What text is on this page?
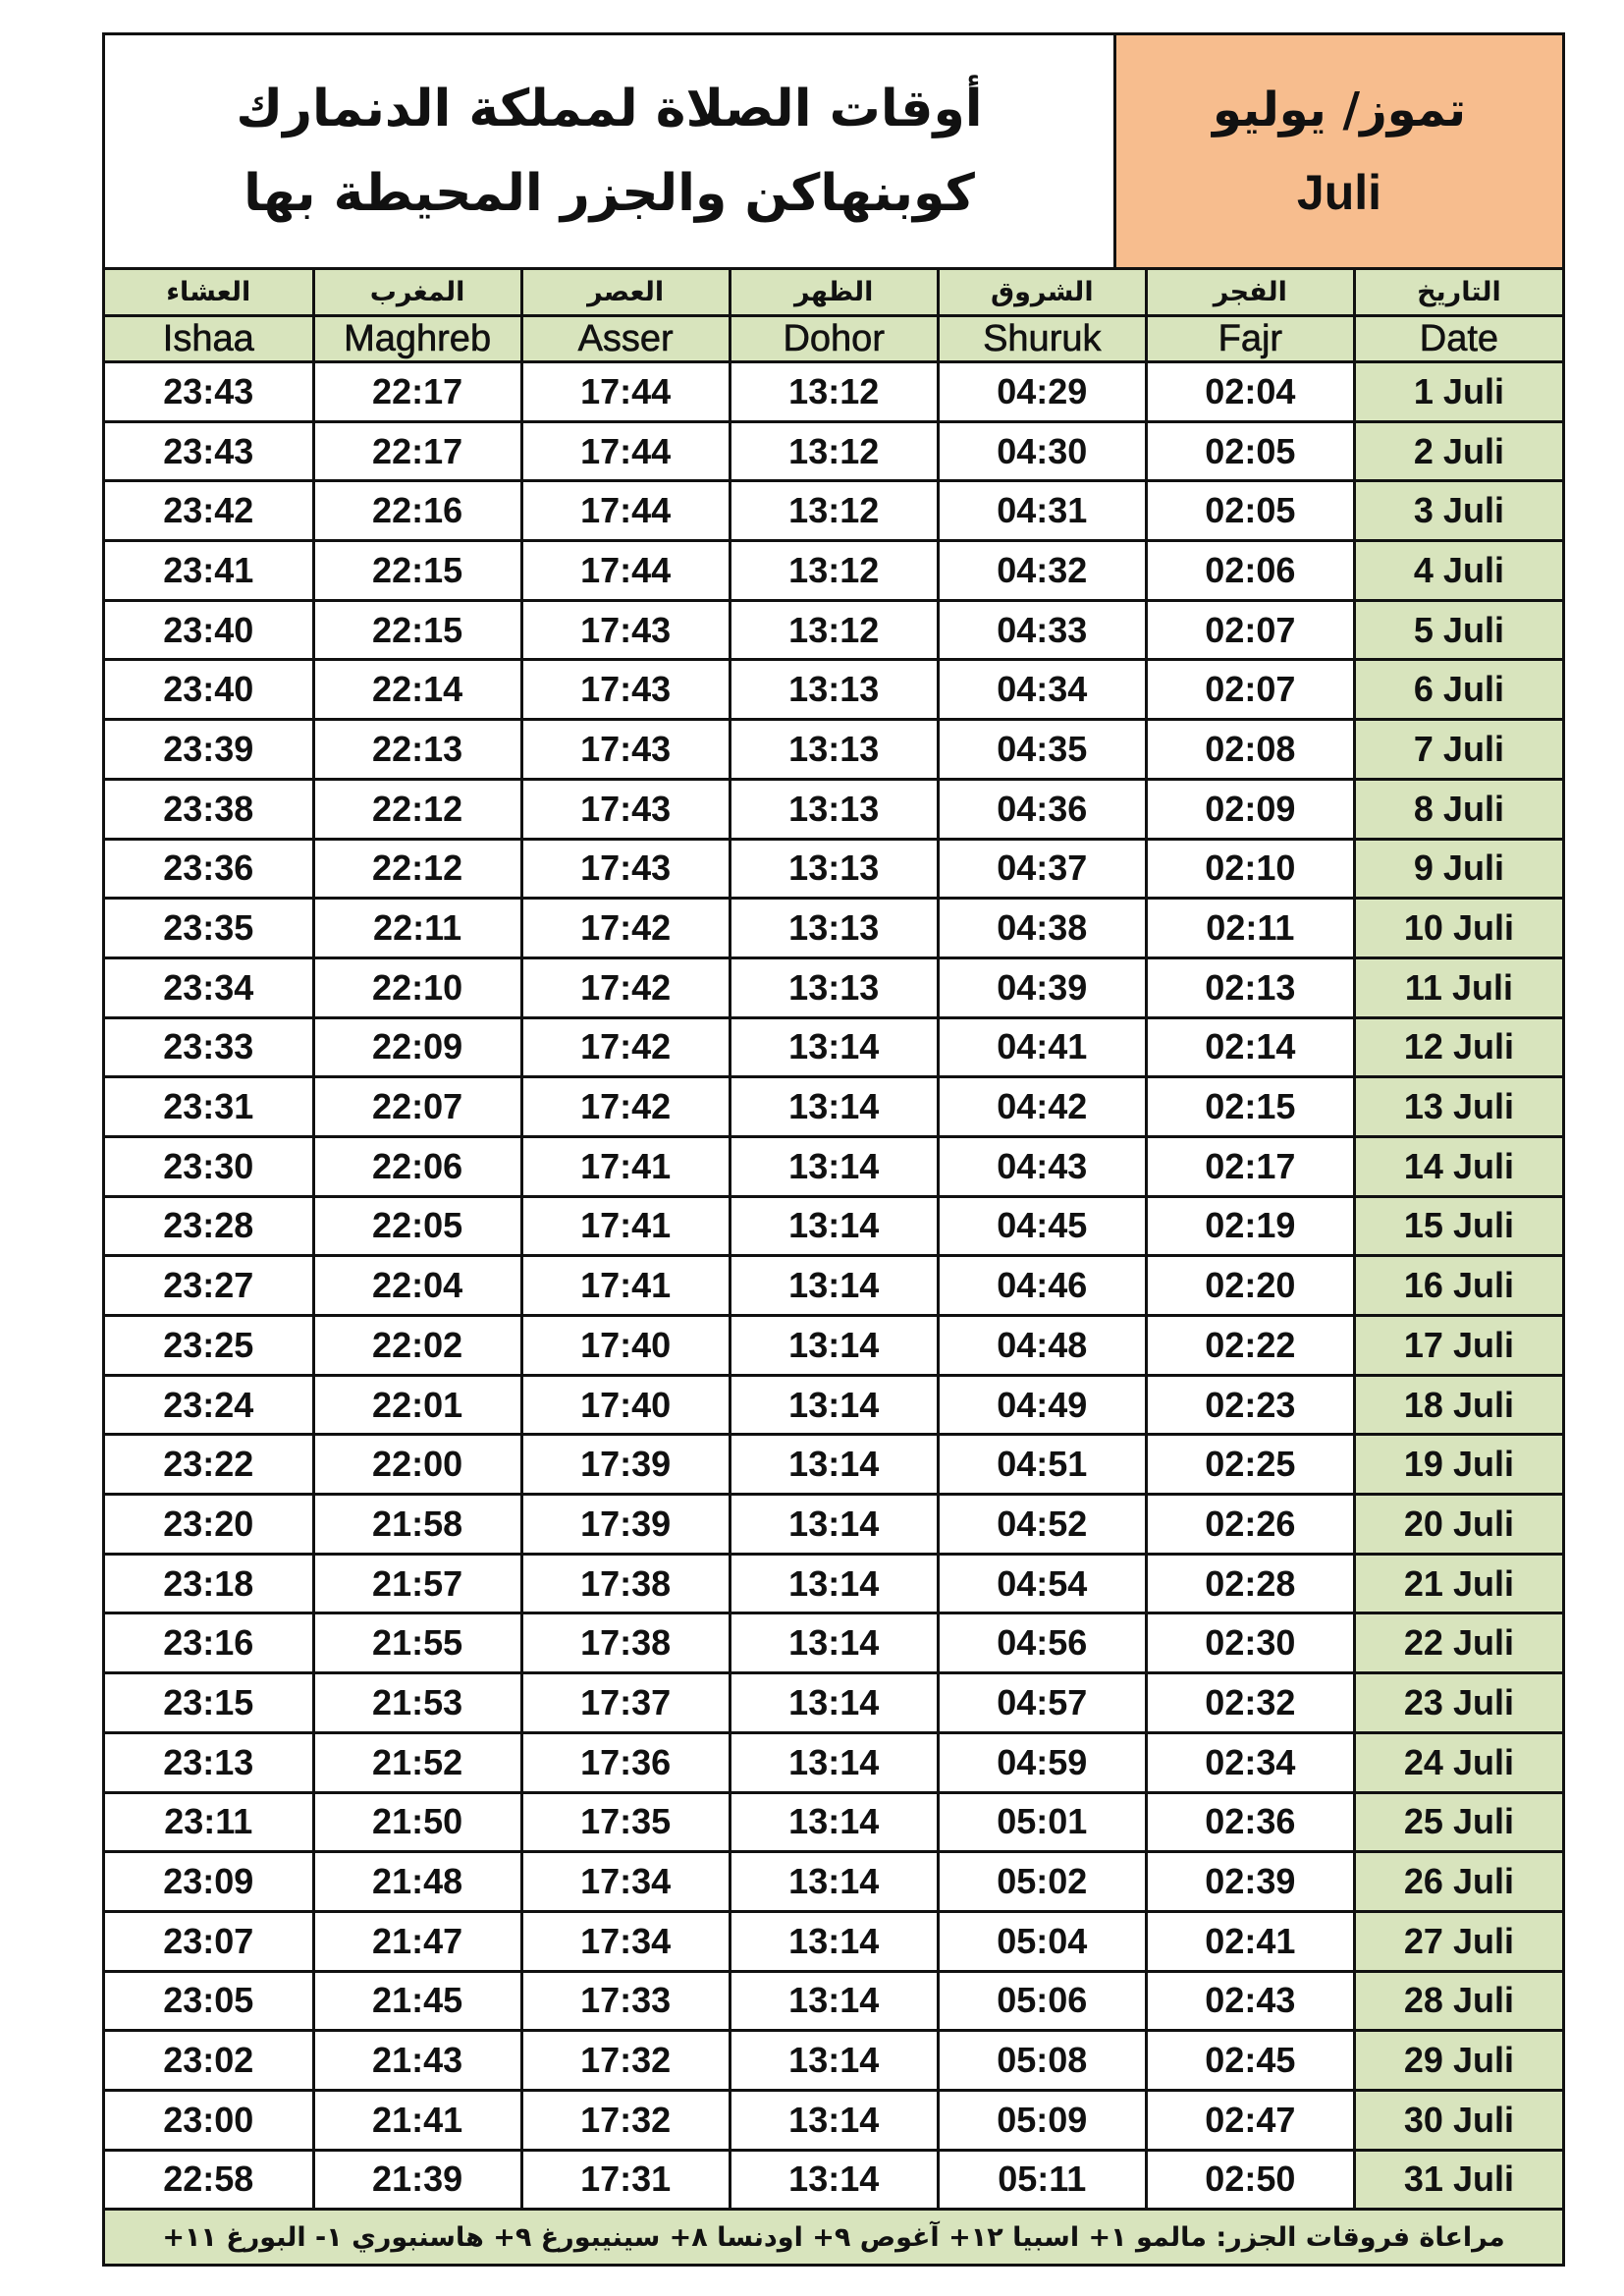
أوقات الصلاة لمملكة الدنمارك
كوبنهاكن والجزر المحيطة بها
تموز/ يوليو
Juli
العشاء	المغرب	العصر	الظهر	الشروق	الفجر	التاريخ
Ishaa	Maghreb	Asser	Dohor	Shuruk	Fajr	Date
23:43	22:17	17:44	13:12	04:29	02:04	1 Juli
23:43	22:17	17:44	13:12	04:30	02:05	2 Juli
23:42	22:16	17:44	13:12	04:31	02:05	3 Juli
23:41	22:15	17:44	13:12	04:32	02:06	4 Juli
23:40	22:15	17:43	13:12	04:33	02:07	5 Juli
23:40	22:14	17:43	13:13	04:34	02:07	6 Juli
23:39	22:13	17:43	13:13	04:35	02:08	7 Juli
23:38	22:12	17:43	13:13	04:36	02:09	8 Juli
23:36	22:12	17:43	13:13	04:37	02:10	9 Juli
23:35	22:11	17:42	13:13	04:38	02:11	10 Juli
23:34	22:10	17:42	13:13	04:39	02:13	11 Juli
23:33	22:09	17:42	13:14	04:41	02:14	12 Juli
23:31	22:07	17:42	13:14	04:42	02:15	13 Juli
23:30	22:06	17:41	13:14	04:43	02:17	14 Juli
23:28	22:05	17:41	13:14	04:45	02:19	15 Juli
23:27	22:04	17:41	13:14	04:46	02:20	16 Juli
23:25	22:02	17:40	13:14	04:48	02:22	17 Juli
23:24	22:01	17:40	13:14	04:49	02:23	18 Juli
23:22	22:00	17:39	13:14	04:51	02:25	19 Juli
23:20	21:58	17:39	13:14	04:52	02:26	20 Juli
23:18	21:57	17:38	13:14	04:54	02:28	21 Juli
23:16	21:55	17:38	13:14	04:56	02:30	22 Juli
23:15	21:53	17:37	13:14	04:57	02:32	23 Juli
23:13	21:52	17:36	13:14	04:59	02:34	24 Juli
23:11	21:50	17:35	13:14	05:01	02:36	25 Juli
23:09	21:48	17:34	13:14	05:02	02:39	26 Juli
23:07	21:47	17:34	13:14	05:04	02:41	27 Juli
23:05	21:45	17:33	13:14	05:06	02:43	28 Juli
23:02	21:43	17:32	13:14	05:08	02:45	29 Juli
23:00	21:41	17:32	13:14	05:09	02:47	30 Juli
22:58	21:39	17:31	13:14	05:11	02:50	31 Juli
مراعاة فروقات الجزر: مالمو ١+ اسبيا ١٢+ آغوص ٩+ اودنسا ٨+ سينيبورغ ٩+ هاسنبوري ١- البورغ ١١+
